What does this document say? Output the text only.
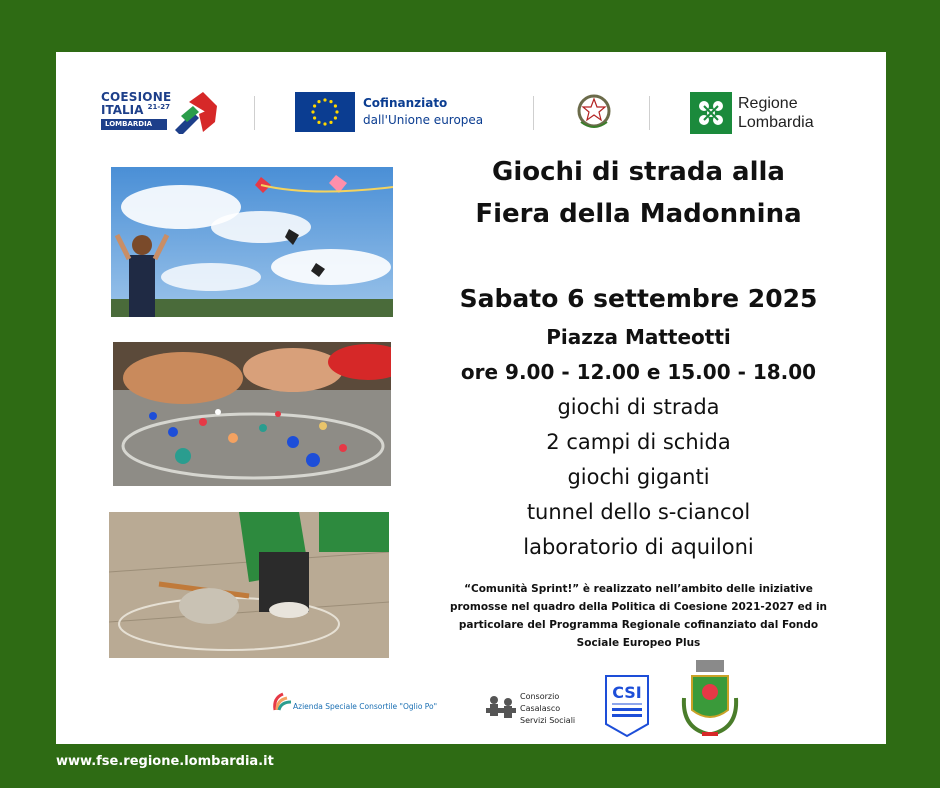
COESIONE
ITALIA $^{21-27}$
LOMBARDIA
Cofinanziato
dall'Unione europea
Regione
Lombardia
Giochi di strada alla
Fiera della Madonnina
Sabato 6 settembre 2025
Piazza Matteotti
ore 9.00 - 12.00 e 15.00 - 18.00
giochi di strada
2 campi di schida
giochi giganti
tunnel dello s-ciancol
laboratorio di aquiloni
“Comunità Sprint!” è realizzato nell’ambito delle iniziative
promosse nel quadro della Politica di Coesione 2021-2027 ed in
particolare del Programma Regionale cofinanziato dal Fondo
Sociale Europeo Plus
Azienda Speciale Consortile "Oglio Po"
Consorzio
Casalasco
Servizi Sociali
CSI
www.fse.regione.lombardia.it
